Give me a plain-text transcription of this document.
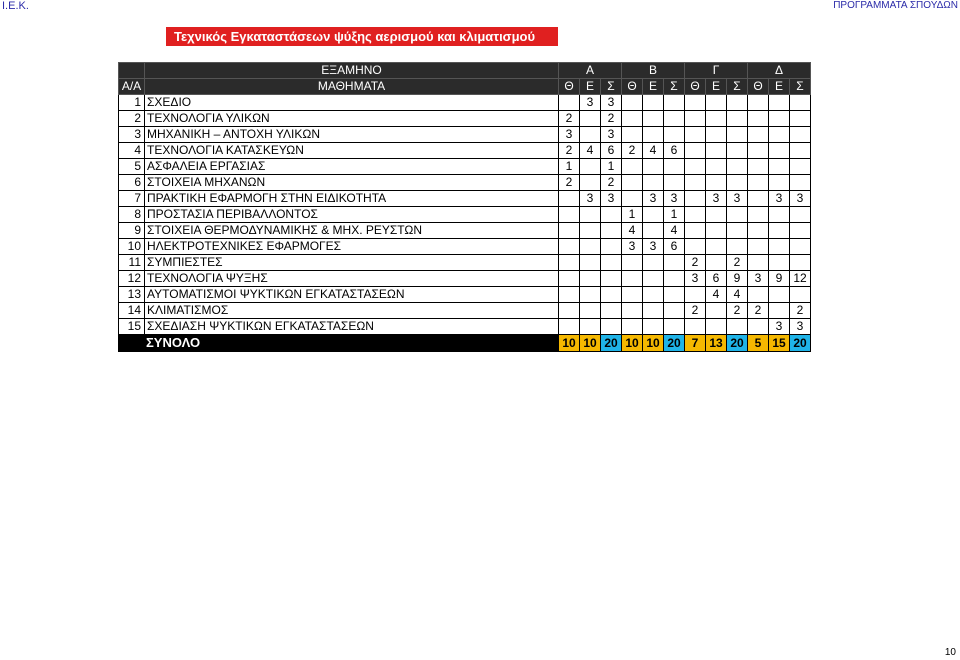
Ι.Ε.Κ.	ΠΡΟΓΡΑΜΜΑΤΑ ΣΠΟΥΔΩΝ
Τεχνικός Εγκαταστάσεων ψύξης αερισμού και κλιματισμού
	ΕΞΑΜΗΝΟ	Α			Β			Γ			Δ		
Α/Α	ΜΑΘΗΜΑΤΑ	Θ	Ε	Σ	Θ	Ε	Σ	Θ	Ε	Σ	Θ	Ε	Σ
1	ΣΧΕΔΙΟ		3	3									
2	ΤΕΧΝΟΛΟΓΙΑ ΥΛΙΚΩΝ	2		2									
3	ΜΗΧΑΝΙΚΗ – ΑΝΤΟΧΗ ΥΛΙΚΩΝ	3		3									
4	ΤΕΧΝΟΛΟΓΙΑ ΚΑΤΑΣΚΕΥΩΝ	2	4	6	2	4	6						
5	ΑΣΦΑΛΕΙΑ ΕΡΓΑΣΙΑΣ	1		1									
6	ΣΤΟΙΧΕΙΑ ΜΗΧΑΝΩΝ	2		2									
7	ΠΡΑΚΤΙΚΗ ΕΦΑΡΜΟΓΗ ΣΤΗΝ ΕΙΔΙΚΟΤΗΤΑ		3	3		3	3		3	3		3	3
8	ΠΡΟΣΤΑΣΙΑ ΠΕΡΙΒΑΛΛΟΝΤΟΣ				1		1						
9	ΣΤΟΙΧΕΙΑ ΘΕΡΜΟΔΥΝΑΜΙΚΗΣ & ΜΗΧ. ΡΕΥΣΤΩΝ				4		4						
10	ΗΛΕΚΤΡΟΤΕΧΝΙΚΕΣ ΕΦΑΡΜΟΓΕΣ				3	3	6						
11	ΣΥΜΠΙΕΣΤΕΣ							2		2			
12	ΤΕΧΝΟΛΟΓΙΑ ΨΥΞΗΣ							3	6	9	3	9	12
13	ΑΥΤΟΜΑΤΙΣΜΟΙ ΨΥΚΤΙΚΩΝ ΕΓΚΑΤΑΣΤΑΣΕΩΝ								4	4			
14	ΚΛΙΜΑΤΙΣΜΟΣ							2		2	2		2
15	ΣΧΕΔΙΑΣΗ ΨΥΚΤΙΚΩΝ ΕΓΚΑΤΑΣΤΑΣΕΩΝ											3	3
ΣΥΝΟΛΟ		10	10	20	10	10	20	7	13	20	5	15	20
10
